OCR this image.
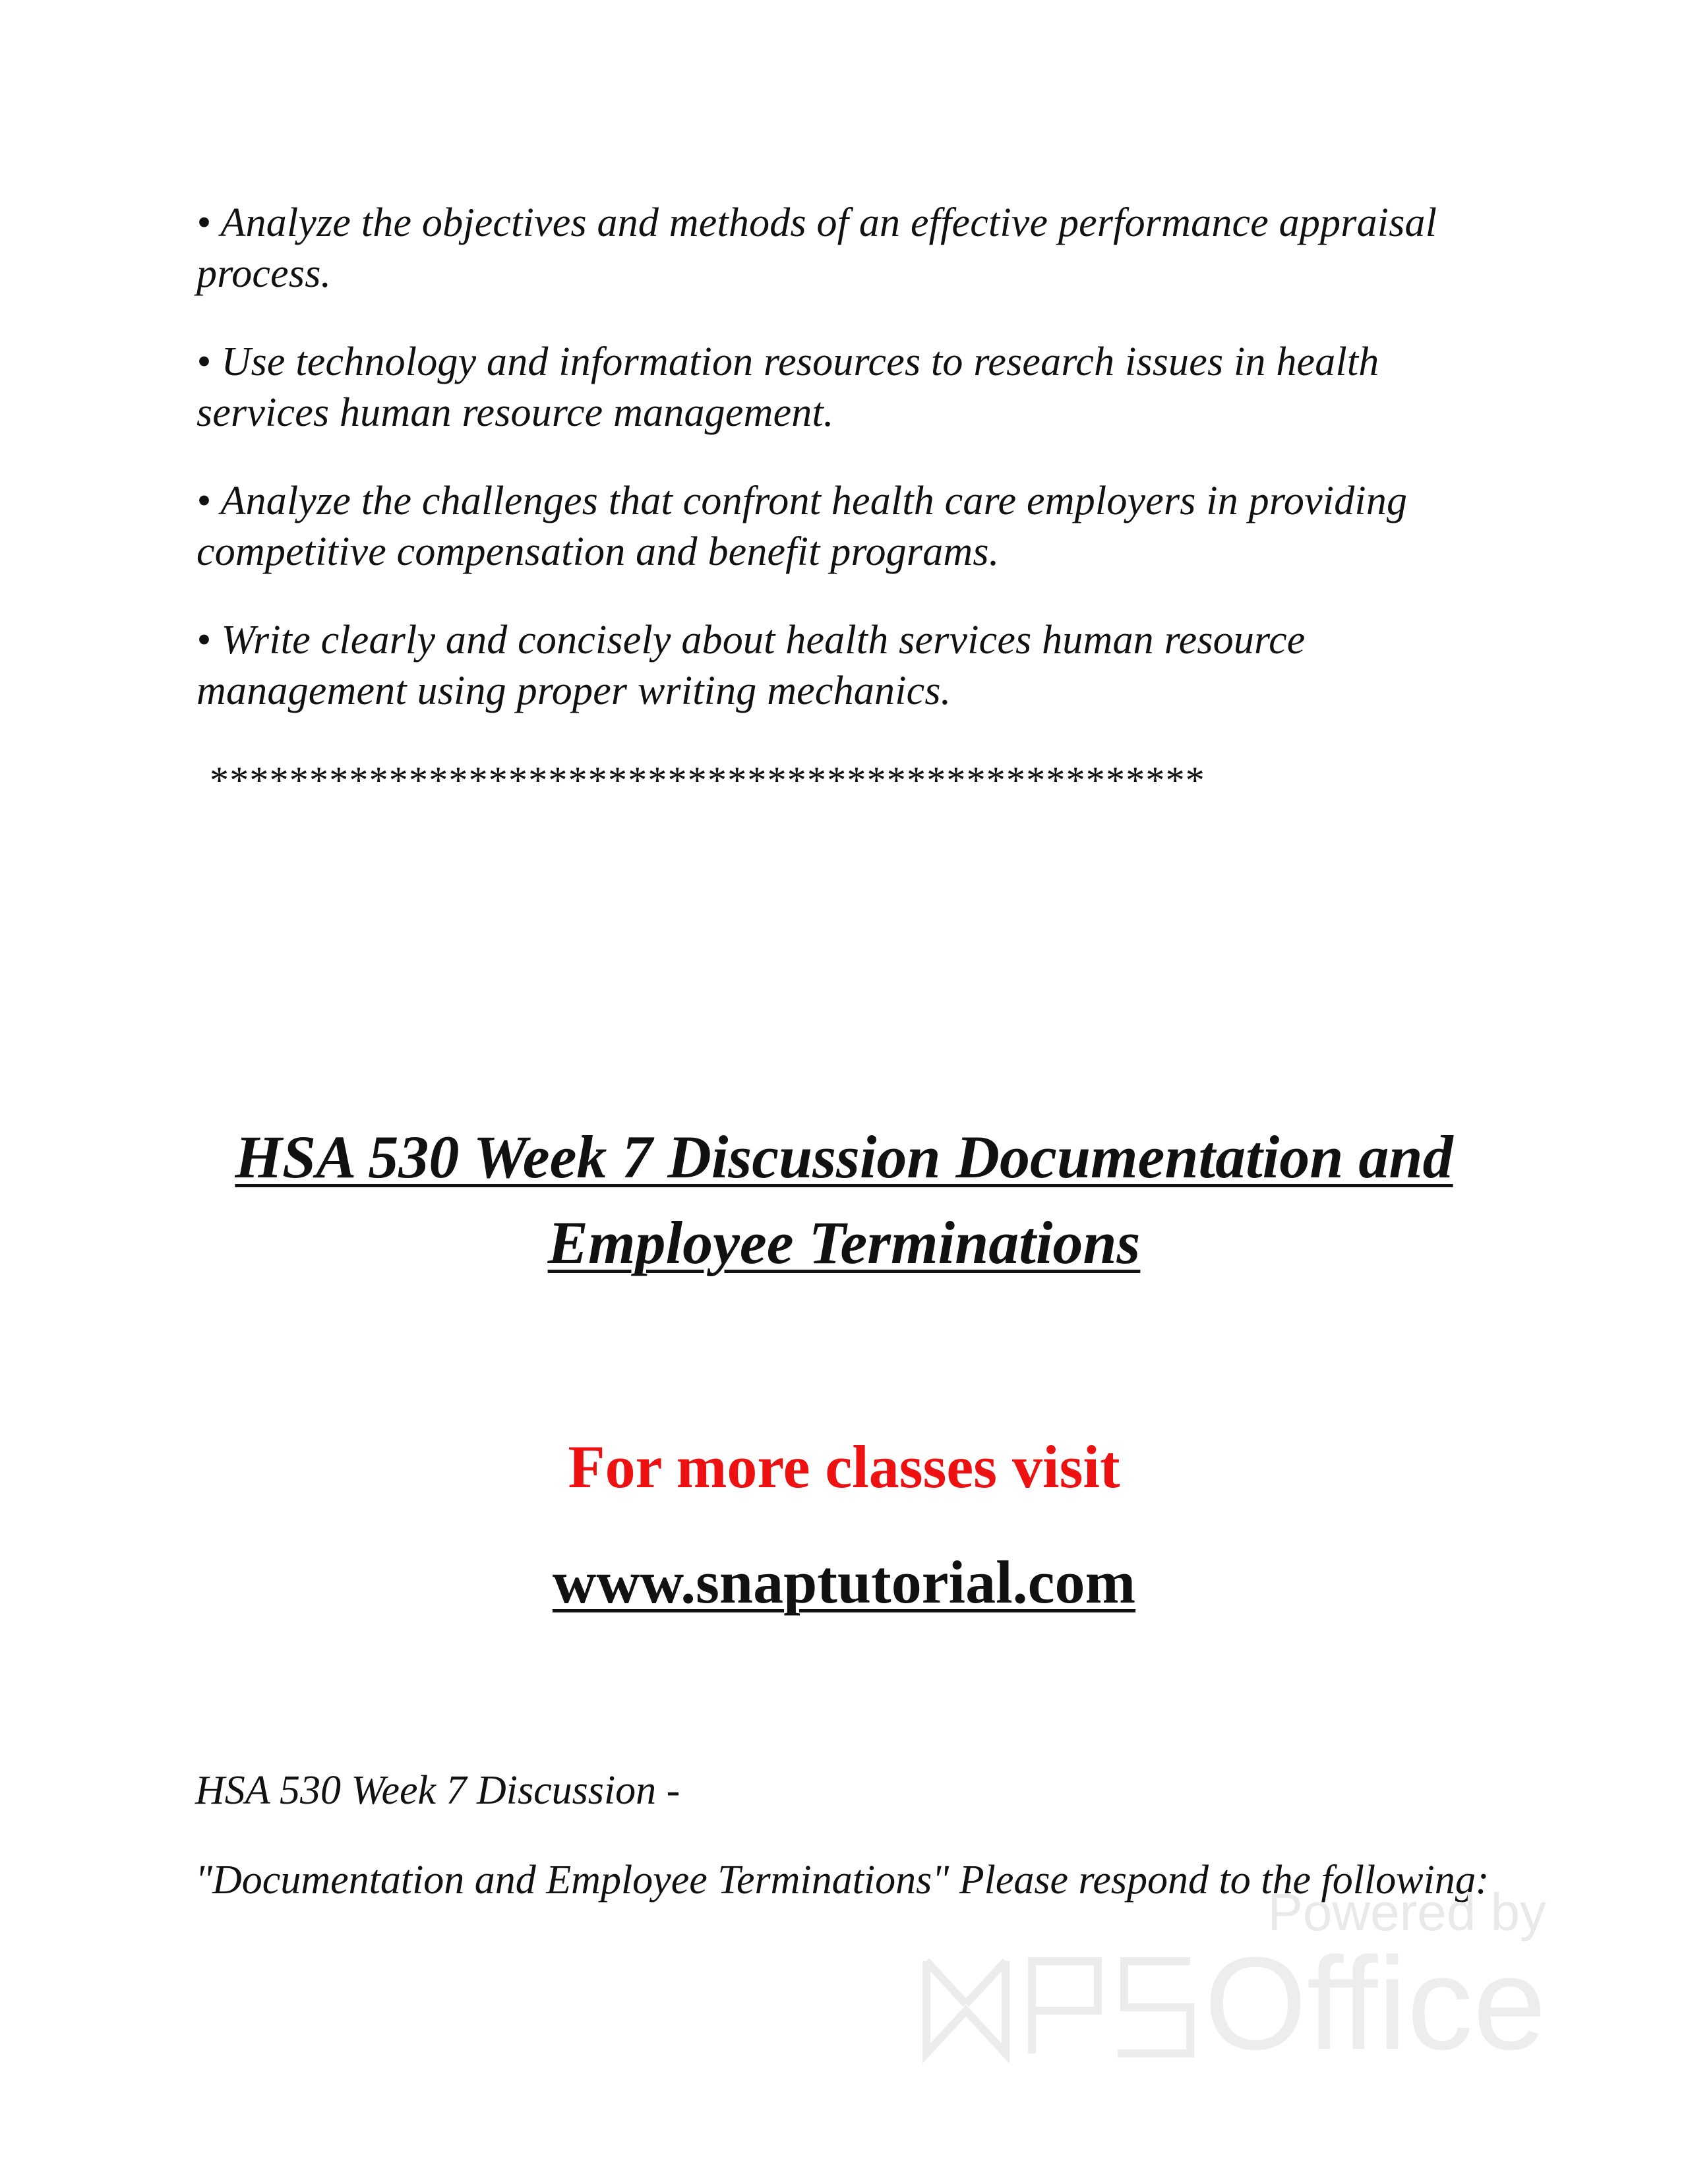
• Analyze the objectives and methods of an effective performance appraisal process.
• Use technology and information resources to research issues in health services human resource management.
• Analyze the challenges that confront health care employers in providing competitive compensation and benefit programs.
• Write clearly and concisely about health services human resource management using proper writing mechanics.
**************************************************
HSA 530 Week 7 Discussion Documentation and Employee Terminations

For more classes visit

www.snaptutorial.com

HSA 530 Week 7 Discussion -

"Documentation and Employee Terminations" Please respond to the following:

Powered by
Office
